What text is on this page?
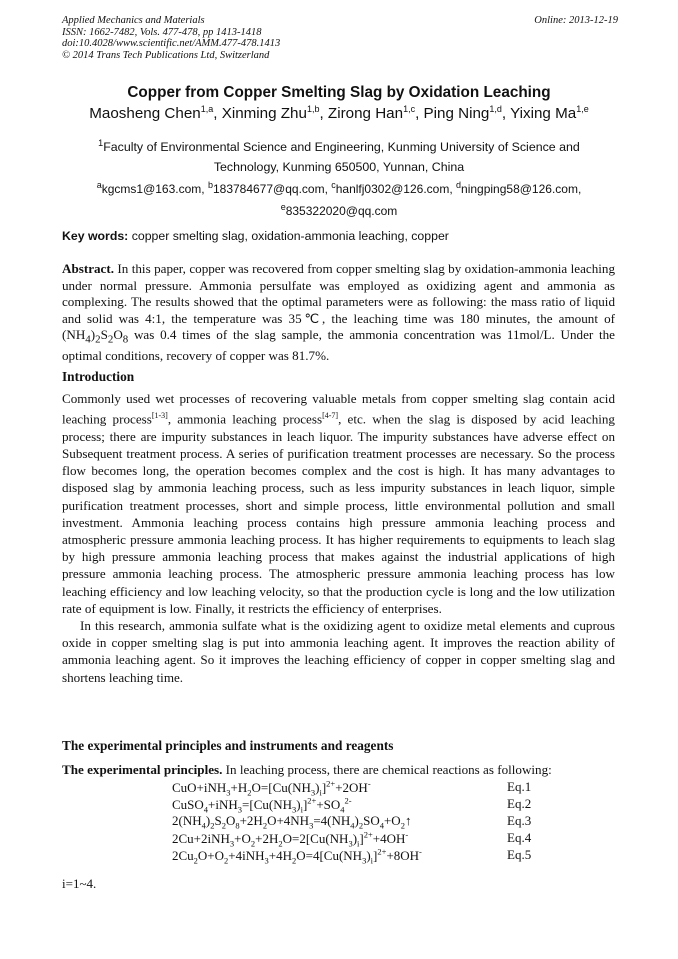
Applied Mechanics and Materials
ISSN: 1662-7482, Vols. 477-478, pp 1413-1418
doi:10.4028/www.scientific.net/AMM.477-478.1413
© 2014 Trans Tech Publications Ltd, Switzerland
Online: 2013-12-19
Copper from Copper Smelting Slag by Oxidation Leaching
Maosheng Chen$^{1,a}$, Xinming Zhu$^{1,b}$, Zirong Han$^{1,c}$, Ping Ning$^{1,d}$, Yixing Ma$^{1,e}$
$^1$Faculty of Environmental Science and Engineering, Kunming University of Science and
Technology, Kunming 650500, Yunnan, China
$^a$kgcms1@163.com, $^b$183784677@qq.com, $^c$hanlfj0302@126.com, $^d$ningping58@126.com,
$^e$835322020@qq.com
Key words: copper smelting slag, oxidation-ammonia leaching, copper
Abstract. In this paper, copper was recovered from copper smelting slag by oxidation-ammonia leaching under normal pressure. Ammonia persulfate was employed as oxidizing agent and ammonia as complexing. The results showed that the optimal parameters were as following: the mass ratio of liquid and solid was 4:1, the temperature was 35℃, the leaching time was 180 minutes, the amount of $(NH_4)_2S_2O_8$ was 0.4 times of the slag sample, the ammonia concentration was 11mol/L. Under the optimal conditions, recovery of copper was 81.7%.
Introduction

Commonly used wet processes of recovering valuable metals from copper smelting slag contain acid leaching process[1-3], ammonia leaching process[4-7], etc. when the slag is disposed by acid leaching process; there are impurity substances in leach liquor. The impurity substances have adverse effect on Subsequent treatment process. A series of purification treatment processes are necessary. So the process flow becomes long, the operation becomes complex and the cost is high. It has many advantages to disposed slag by ammonia leaching process, such as less impurity substances in leach liquor, simple purification treatment processes, short and simple process, little environmental pollution and small investment. Ammonia leaching process contains high pressure ammonia leaching process and atmospheric pressure ammonia leaching process. It has higher requirements to equipments to leach slag by high pressure ammonia leaching process that makes against the industrial applications of high pressure ammonia leaching process. The atmospheric pressure ammonia leaching process has low leaching efficiency and low leaching velocity, so that the production cycle is long and the low utilization rate of equipment is low. Finally, it restricts the efficiency of enterprises.

In this research, ammonia sulfate what is the oxidizing agent to oxidize metal elements and cuprous oxide in copper smelting slag is put into ammonia leaching agent. It improves the reaction ability of ammonia leaching agent. So it improves the leaching efficiency of copper in copper smelting slag and shortens leaching time.

The experimental principles and instruments and reagents
The experimental principles. In leaching process, there are chemical reactions as following:
$CuO+iNH_3+H_2O=[Cu(NH_3)_i]^{2+}+2OH^-$	Eq.1
$CuSO_4+iNH_3=[Cu(NH_3)_i]^{2+}+SO_4^{2-}$	Eq.2
$2(NH_4)_2S_2O_8+2H_2O+4NH_3=4(NH_4)_2SO_4+O_2↑$	Eq.3
$2Cu+2iNH_3+O_2+2H_2O=2[Cu(NH_3)_i]^{2+}+4OH^-$	Eq.4
$2Cu_2O+O_2+4iNH_3+4H_2O=4[Cu(NH_3)_i]^{2+}+8OH^-$	Eq.5
i=1~4.
